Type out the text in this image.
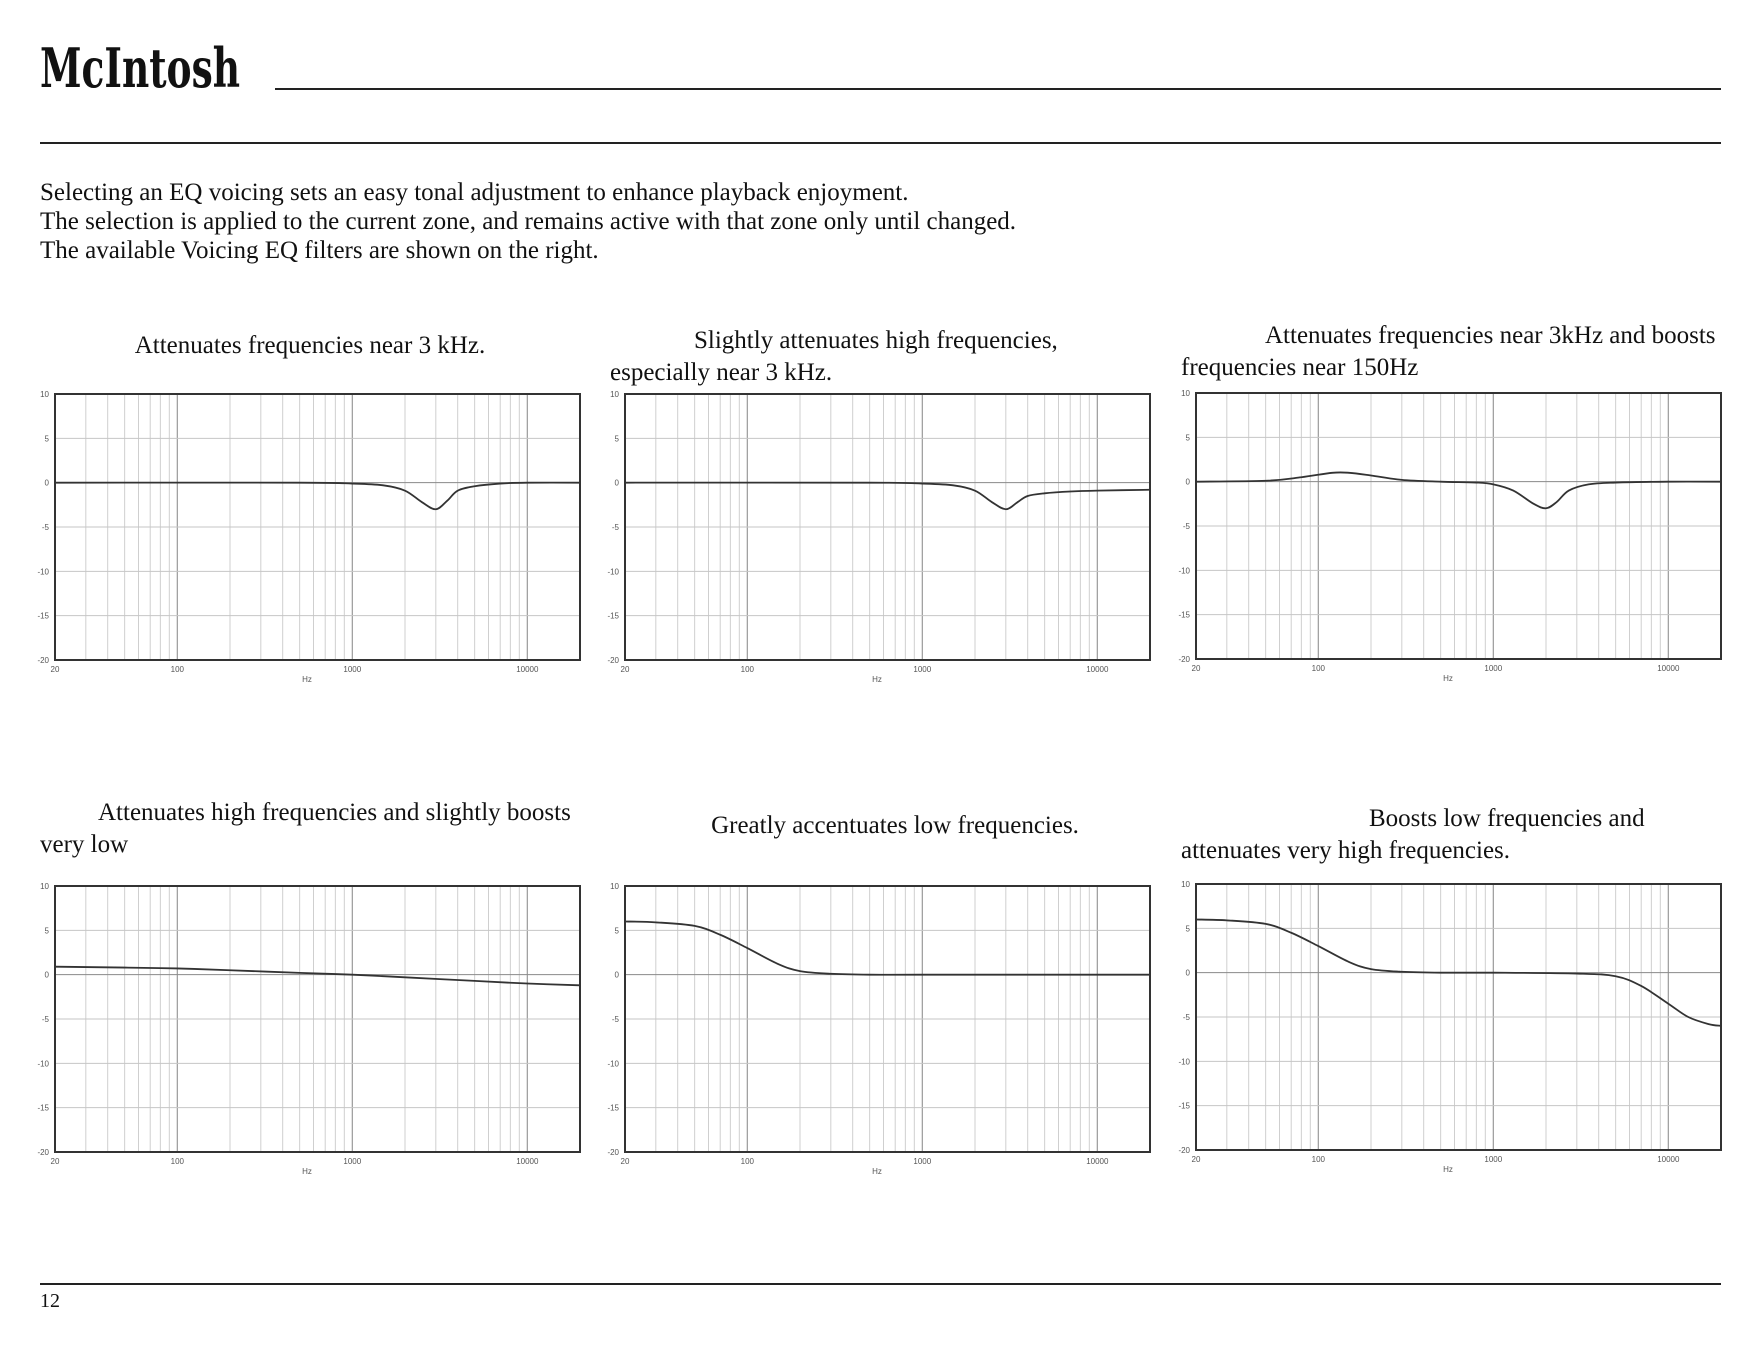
McIntosh
Selecting an EQ voicing sets an easy tonal adjustment to enhance playback enjoyment.
The selection is applied to the current zone, and remains active with that zone only until changed.
The available Voicing EQ filters are shown on the right.
Attenuates frequencies near 3 kHz.	Slightly attenuates high frequencies, especially near 3 kHz.
Attenuates frequencies near 3kHz and boosts frequencies near 150Hz
Attenuates high frequencies and slightly boosts very low
Greatly accentuates low frequencies.	Boosts low frequencies and attenuates very high frequencies.
10
5
0
-5
-10
-15
-20
20	100	1000	10000
Hz
10
5
0
-5
-10
-15
-20
20	100	1000	10000
Hz
10
5
0
-5
-10
-15
-20
20	100	1000	10000
Hz
10
5
0
-5
-10
-15
-20
20	100	1000	10000
Hz
10
5
0
-5
-10
-15
-20
20	100	1000	10000
Hz
10
5
0
-5
-10
-15
-20
20	100	1000	10000
Hz
12
